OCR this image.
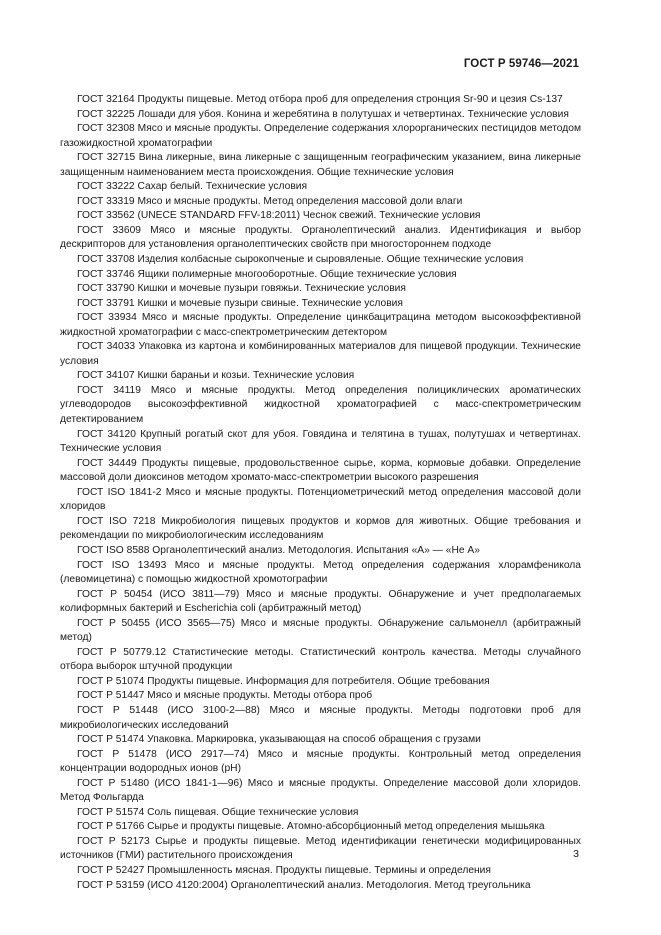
ГОСТ Р 59746—2021

ГОСТ 32164 Продукты пищевые. Метод отбора проб для определения стронция Sr-90 и цезия Cs-137

ГОСТ 32225 Лошади для убоя. Конина и жеребятина в полутушах и четвертинах. Технические условия

ГОСТ 32308 Мясо и мясные продукты. Определение содержания хлорорганических пестицидов методом газожидкостной хроматографии

ГОСТ 32715 Вина ликерные, вина ликерные с защищенным географическим указанием, вина ликерные защищенным наименованием места происхождения. Общие технические условия

ГОСТ 33222 Сахар белый. Технические условия

ГОСТ 33319 Мясо и мясные продукты. Метод определения массовой доли влаги

ГОСТ 33562 (UNECE STANDARD FFV-18:2011) Чеснок свежий. Технические условия

ГОСТ 33609 Мясо и мясные продукты. Органолептический анализ. Идентификация и выбор дескрипторов для установления органолептических свойств при многостороннем подходе

ГОСТ 33708 Изделия колбасные сырокопченые и сыровяленые. Общие технические условия

ГОСТ 33746 Ящики полимерные многооборотные. Общие технические условия

ГОСТ 33790 Кишки и мочевые пузыри говяжьи. Технические условия

ГОСТ 33791 Кишки и мочевые пузыри свиные. Технические условия

ГОСТ 33934 Мясо и мясные продукты. Определение цинкбацитрацина методом высокоэффективной жидкостной хроматографии с масс-спектрометрическим детектором

ГОСТ 34033 Упаковка из картона и комбинированных материалов для пищевой продукции. Технические условия

ГОСТ 34107 Кишки бараньи и козьи. Технические условия

ГОСТ 34119 Мясо и мясные продукты. Метод определения полициклических ароматических углеводородов высокоэффективной жидкостной хроматографией с масс-спектрометрическим детектированием

ГОСТ 34120 Крупный рогатый скот для убоя. Говядина и телятина в тушах, полутушах и четвертинах. Технические условия

ГОСТ 34449 Продукты пищевые, продовольственное сырье, корма, кормовые добавки. Определение массовой доли диоксинов методом хромато-масс-спектрометрии высокого разрешения

ГОСТ ISO 1841-2 Мясо и мясные продукты. Потенциометрический метод определения массовой доли хлоридов

ГОСТ ISO 7218 Микробиология пищевых продуктов и кормов для животных. Общие требования и рекомендации по микробиологическим исследованиям

ГОСТ ISO 8588 Органолептический анализ. Методология. Испытания «А» — «Не А»

ГОСТ ISO 13493 Мясо и мясные продукты. Метод определения содержания хлорамфеникола (левомицетина) с помощью жидкостной хромотографии

ГОСТ Р 50454 (ИСО 3811—79) Мясо и мясные продукты. Обнаружение и учет предполагаемых колиформных бактерий и Escherichia coli (арбитражный метод)

ГОСТ Р 50455 (ИСО 3565—75) Мясо и мясные продукты. Обнаружение сальмонелл (арбитражный метод)

ГОСТ Р 50779.12 Статистические методы. Статистический контроль качества. Методы случайного отбора выборок штучной продукции

ГОСТ Р 51074 Продукты пищевые. Информация для потребителя. Общие требования

ГОСТ Р 51447 Мясо и мясные продукты. Методы отбора проб

ГОСТ Р 51448 (ИСО 3100-2—88) Мясо и мясные продукты. Методы подготовки проб для микробиологических исследований

ГОСТ Р 51474 Упаковка. Маркировка, указывающая на способ обращения с грузами

ГОСТ Р 51478 (ИСО 2917—74) Мясо и мясные продукты. Контрольный метод определения концентрации водородных ионов (pH)

ГОСТ Р 51480 (ИСО 1841-1—96) Мясо и мясные продукты. Определение массовой доли хлоридов. Метод Фольгарда

ГОСТ Р 51574 Соль пищевая. Общие технические условия

ГОСТ Р 51766 Сырье и продукты пищевые. Атомно-абсорбционный метод определения мышьяка

ГОСТ Р 52173 Сырье и продукты пищевые. Метод идентификации генетически модифицированных источников (ГМИ) растительного происхождения

ГОСТ Р 52427 Промышленность мясная. Продукты пищевые. Термины и определения

ГОСТ Р 53159 (ИСО 4120:2004) Органолептический анализ. Методология. Метод треугольника

3
